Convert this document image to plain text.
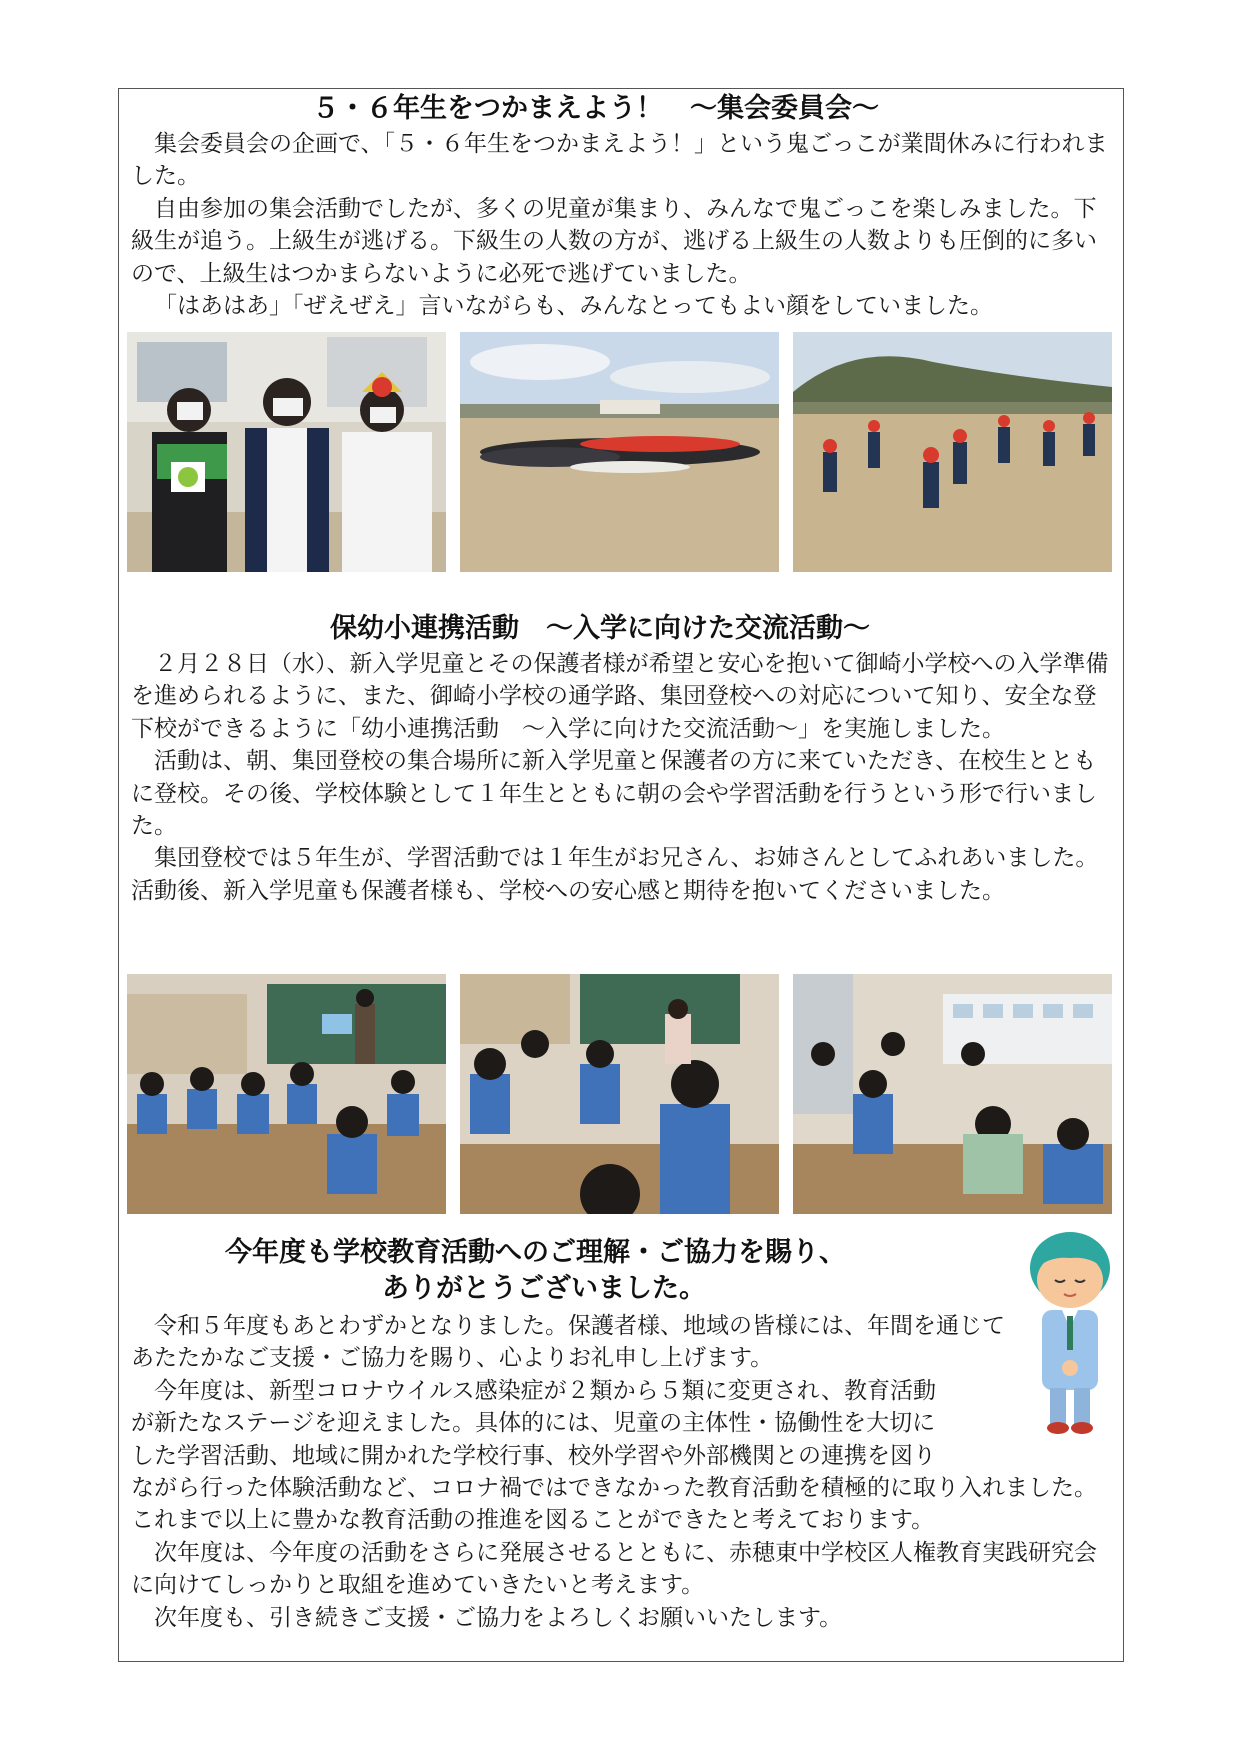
５・６年生をつかまえよう！　～集会委員会～

集会委員会の企画で、「５・６年生をつかまえよう！」という鬼ごっこが業間休みに行われました。

自由参加の集会活動でしたが、多くの児童が集まり、みんなで鬼ごっこを楽しみました。下級生が追う。上級生が逃げる。下級生の人数の方が、逃げる上級生の人数よりも圧倒的に多いので、上級生はつかまらないように必死で逃げていました。

「はあはあ」「ぜえぜえ」言いながらも、みんなとってもよい顔をしていました。

保幼小連携活動　～入学に向けた交流活動～

２月２８日（水）、新入学児童とその保護者様が希望と安心を抱いて御崎小学校への入学準備を進められるように、また、御崎小学校の通学路、集団登校への対応について知り、安全な登下校ができるように「幼小連携活動　～入学に向けた交流活動～」を実施しました。

活動は、朝、集団登校の集合場所に新入学児童と保護者の方に来ていただき、在校生とともに登校。その後、学校体験として１年生とともに朝の会や学習活動を行うという形で行いました。

集団登校では５年生が、学習活動では１年生がお兄さん、お姉さんとしてふれあいました。活動後、新入学児童も保護者様も、学校への安心感と期待を抱いてくださいました。

今年度も学校教育活動へのご理解・ご協力を賜り、
ありがとうございました。

令和５年度もあとわずかとなりました。保護者様、地域の皆様には、年間を通じてあたたかなご支援・ご協力を賜り、心よりお礼申し上げます。

今年度は、新型コロナウイルス感染症が２類から５類に変更され、教育活動
が新たなステージを迎えました。具体的には、児童の主体性・協働性を大切に
した学習活動、地域に開かれた学校行事、校外学習や外部機関との連携を図り
ながら行った体験活動など、コロナ禍ではできなかった教育活動を積極的に取り入れました。これまで以上に豊かな教育活動の推進を図ることができたと考えております。

次年度は、今年度の活動をさらに発展させるとともに、赤穂東中学校区人権教育実践研究会に向けてしっかりと取組を進めていきたいと考えます。

次年度も、引き続きご支援・ご協力をよろしくお願いいたします。
